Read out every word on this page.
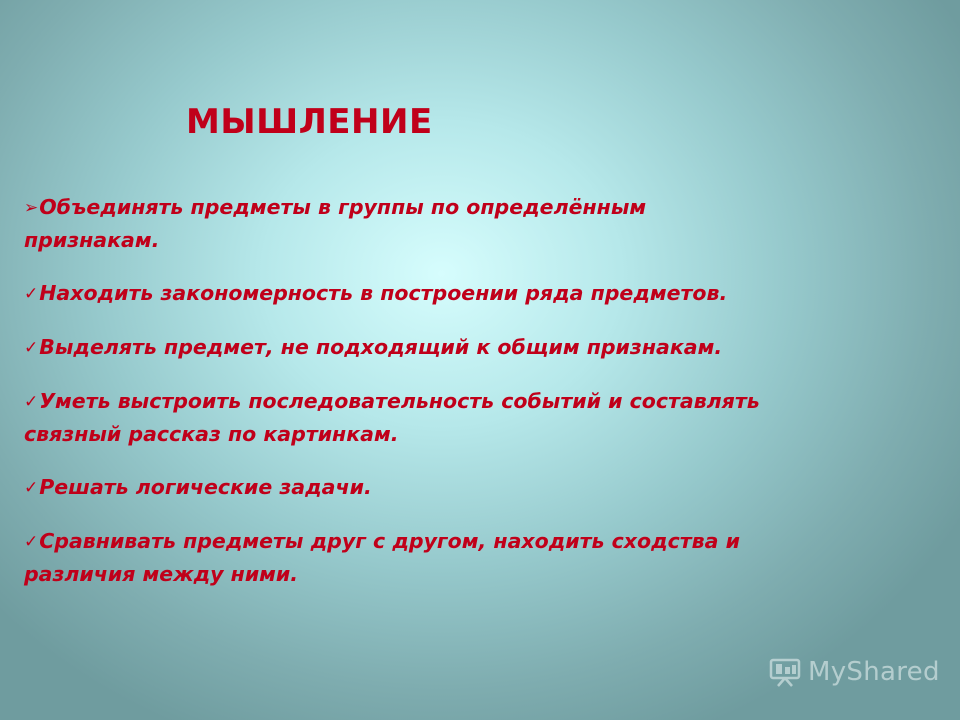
МЫШЛЕНИЕ
➢Объединять предметы в группы по определённым признакам.
✓Находить закономерность в построении ряда предметов.
✓Выделять предмет, не подходящий к общим признакам.
✓Уметь выстроить последовательность событий и составлять связный рассказ по картинкам.
✓Решать логические задачи.
✓Сравнивать предметы друг с другом, находить сходства и различия между ними.
MyShared
